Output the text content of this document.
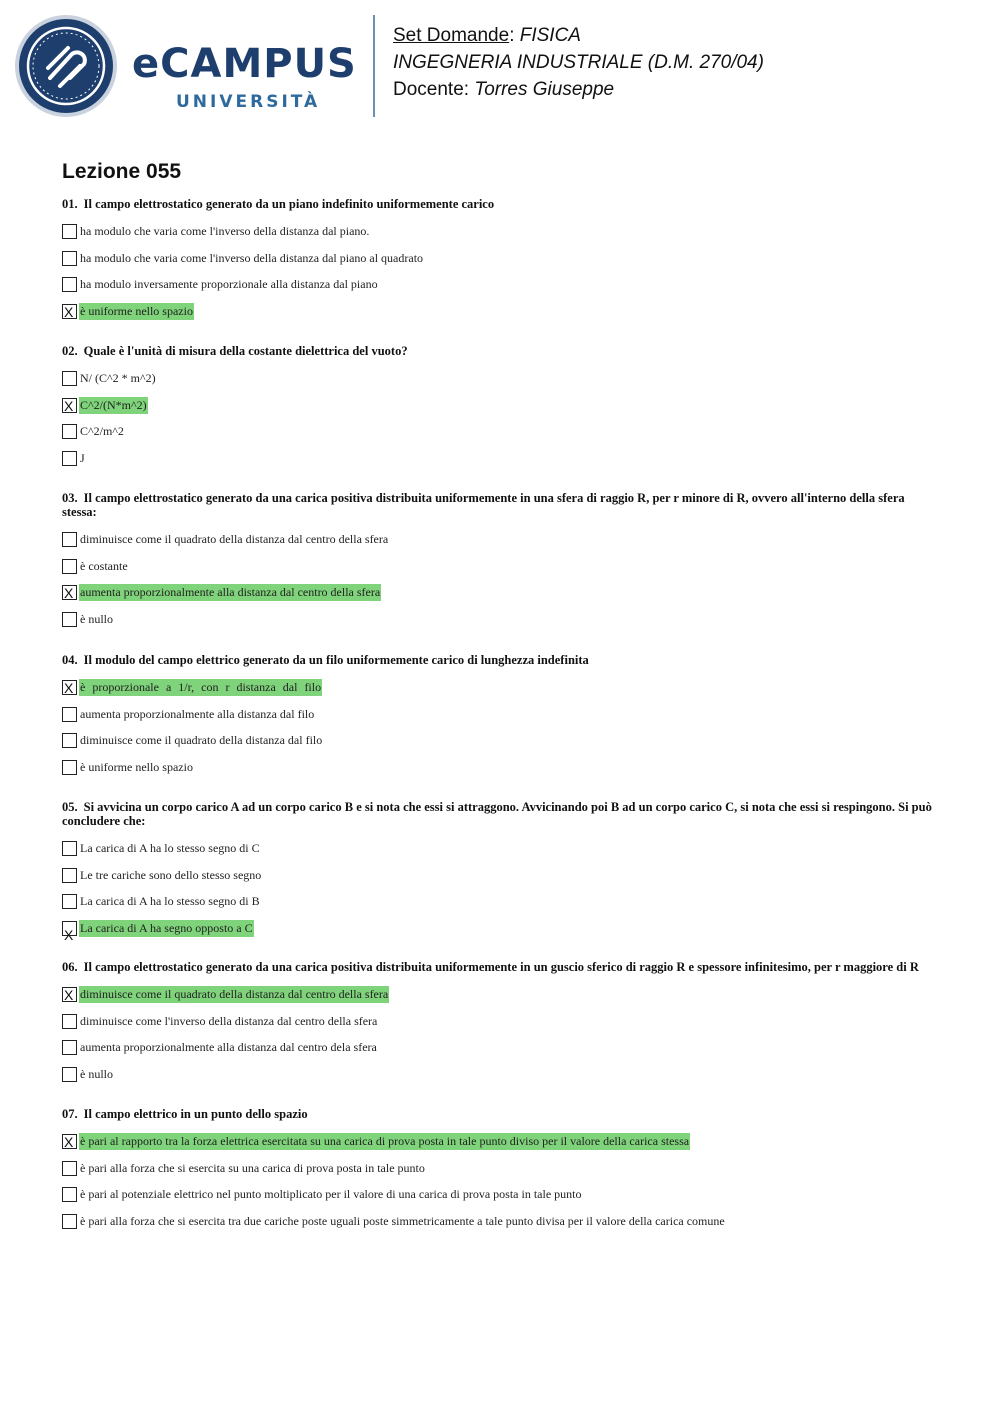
eCAMPUS
UNIVERSITÀ
Set Domande: FISICA
INGEGNERIA INDUSTRIALE (D.M. 270/04)
Docente: Torres Giuseppe
Lezione 055
01. Il campo elettrostatico generato da un piano indefinito uniformemente carico
ha modulo che varia come l'inverso della distanza dal piano.
ha modulo che varia come l'inverso della distanza dal piano al quadrato
ha modulo inversamente proporzionale alla distanza dal piano
X è uniforme nello spazio
02. Quale è l'unità di misura della costante dielettrica del vuoto?
N/ (C^2 * m^2)
X C^2/(N*m^2)
C^2/m^2
J
03. Il campo elettrostatico generato da una carica positiva distribuita uniformemente in una sfera di raggio R, per r minore di R, ovvero all'interno della sfera stessa:
diminuisce come il quadrato della distanza dal centro della sfera
è costante
X aumenta proporzionalmente alla distanza dal centro della sfera
è nullo
04. Il modulo del campo elettrico generato da un filo uniformemente carico di lunghezza indefinita
X è proporzionale a 1/r, con r distanza dal filo
aumenta proporzionalmente alla distanza dal filo
diminuisce come il quadrato della distanza dal filo
è uniforme nello spazio
05. Si avvicina un corpo carico A ad un corpo carico B e si nota che essi si attraggono. Avvicinando poi B ad un corpo carico C, si nota che essi si respingono. Si può concludere che:
La carica di A ha lo stesso segno di C
Le tre cariche sono dello stesso segno
La carica di A ha lo stesso segno di B
X La carica di A ha segno opposto a C
06. Il campo elettrostatico generato da una carica positiva distribuita uniformemente in un guscio sferico di raggio R e spessore infinitesimo, per r maggiore di R
X diminuisce come il quadrato della distanza dal centro della sfera
diminuisce come l'inverso della distanza dal centro della sfera
aumenta proporzionalmente alla distanza dal centro dela sfera
è nullo
07. Il campo elettrico in un punto dello spazio
X è pari al rapporto tra la forza elettrica esercitata su una carica di prova posta in tale punto diviso per il valore della carica stessa
è pari alla forza che si esercita su una carica di prova posta in tale punto
è pari al potenziale elettrico nel punto moltiplicato per il valore di una carica di prova posta in tale punto
è pari alla forza che si esercita tra due cariche poste uguali poste simmetricamente a tale punto divisa per il valore della carica comune
